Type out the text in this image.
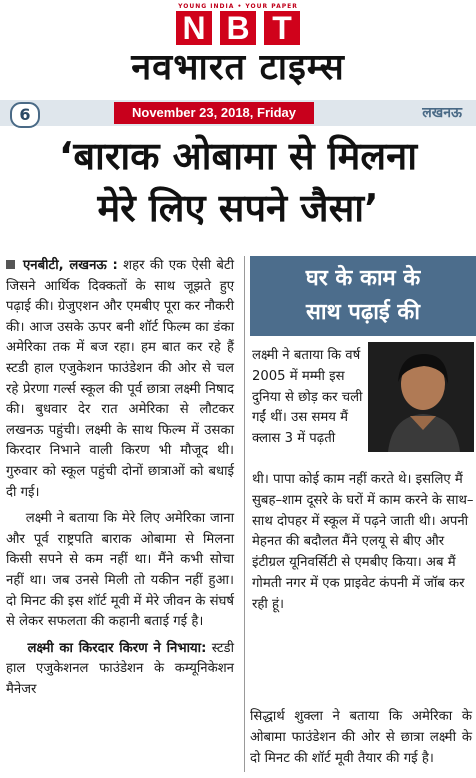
YOUNG INDIA • YOUR PAPER
N B T
नवभारत टाइम्स
6	November 23, 2018, Friday	लखनऊ
‘बाराक ओबामा से मिलना
मेरे लिए सपने जैसा’

एनबीटी, लखनऊ : शहर की एक ऐसी बेटी जिसने आर्थिक दिक्कतों के साथ जूझते हुए पढ़ाई की। ग्रेजुएशन और एमबीए पूरा कर नौकरी की। आज उसके ऊपर बनी शॉर्ट फिल्म का डंका अमेरिका तक में बज रहा। हम बात कर रहे हैं स्टडी हाल एजुकेशन फाउंडेशन की ओर से चल रहे प्रेरणा गर्ल्स स्कूल की पूर्व छात्रा लक्ष्मी निषाद की। बुधवार देर रात अमेरिका से लौटकर लखनऊ पहुंची। लक्ष्मी के साथ फिल्म में उसका किरदार निभाने वाली किरण भी मौजूद थी। गुरुवार को स्कूल पहुंची दोनों छात्राओं को बधाई दी गई।

लक्ष्मी ने बताया कि मेरे लिए अमेरिका जाना और पूर्व राष्ट्रपति बाराक ओबामा से मिलना किसी सपने से कम नहीं था। मैंने कभी सोचा नहीं था। जब उनसे मिली तो यकीन नहीं हुआ। दो मिनट की इस शॉर्ट मूवी में मेरे जीवन के संघर्ष से लेकर सफलता की कहानी बताई गई है।

लक्ष्मी का किरदार किरण ने निभाया: स्टडी हाल एजुकेशनल फाउंडेशन के कम्यूनिकेशन मैनेजर

घर के काम के
साथ पढ़ाई की

लक्ष्मी ने बताया कि वर्ष 2005 में मम्मी इस दुनिया से छोड़ कर चली गईं थीं। उस समय मैं क्लास 3 में पढ़ती

थी। पापा कोई काम नहीं करते थे। इसलिए मैं सुबह–शाम दूसरे के घरों में काम करने के साथ–साथ दोपहर में स्कूल में पढ़ने जाती थी। अपनी मेहनत की बदौलत मैंने एलयू से बीए और इंटीग्रल यूनिवर्सिटी से एमबीए किया। अब मैं गोमती नगर में एक प्राइवेट कंपनी में जॉब कर रही हूं।

सिद्धार्थ शुक्ला ने बताया कि अमेरिका के ओबामा फाउंडेशन की ओर से छात्रा लक्ष्मी के दो मिनट की शॉर्ट मूवी तैयार की गई है।
